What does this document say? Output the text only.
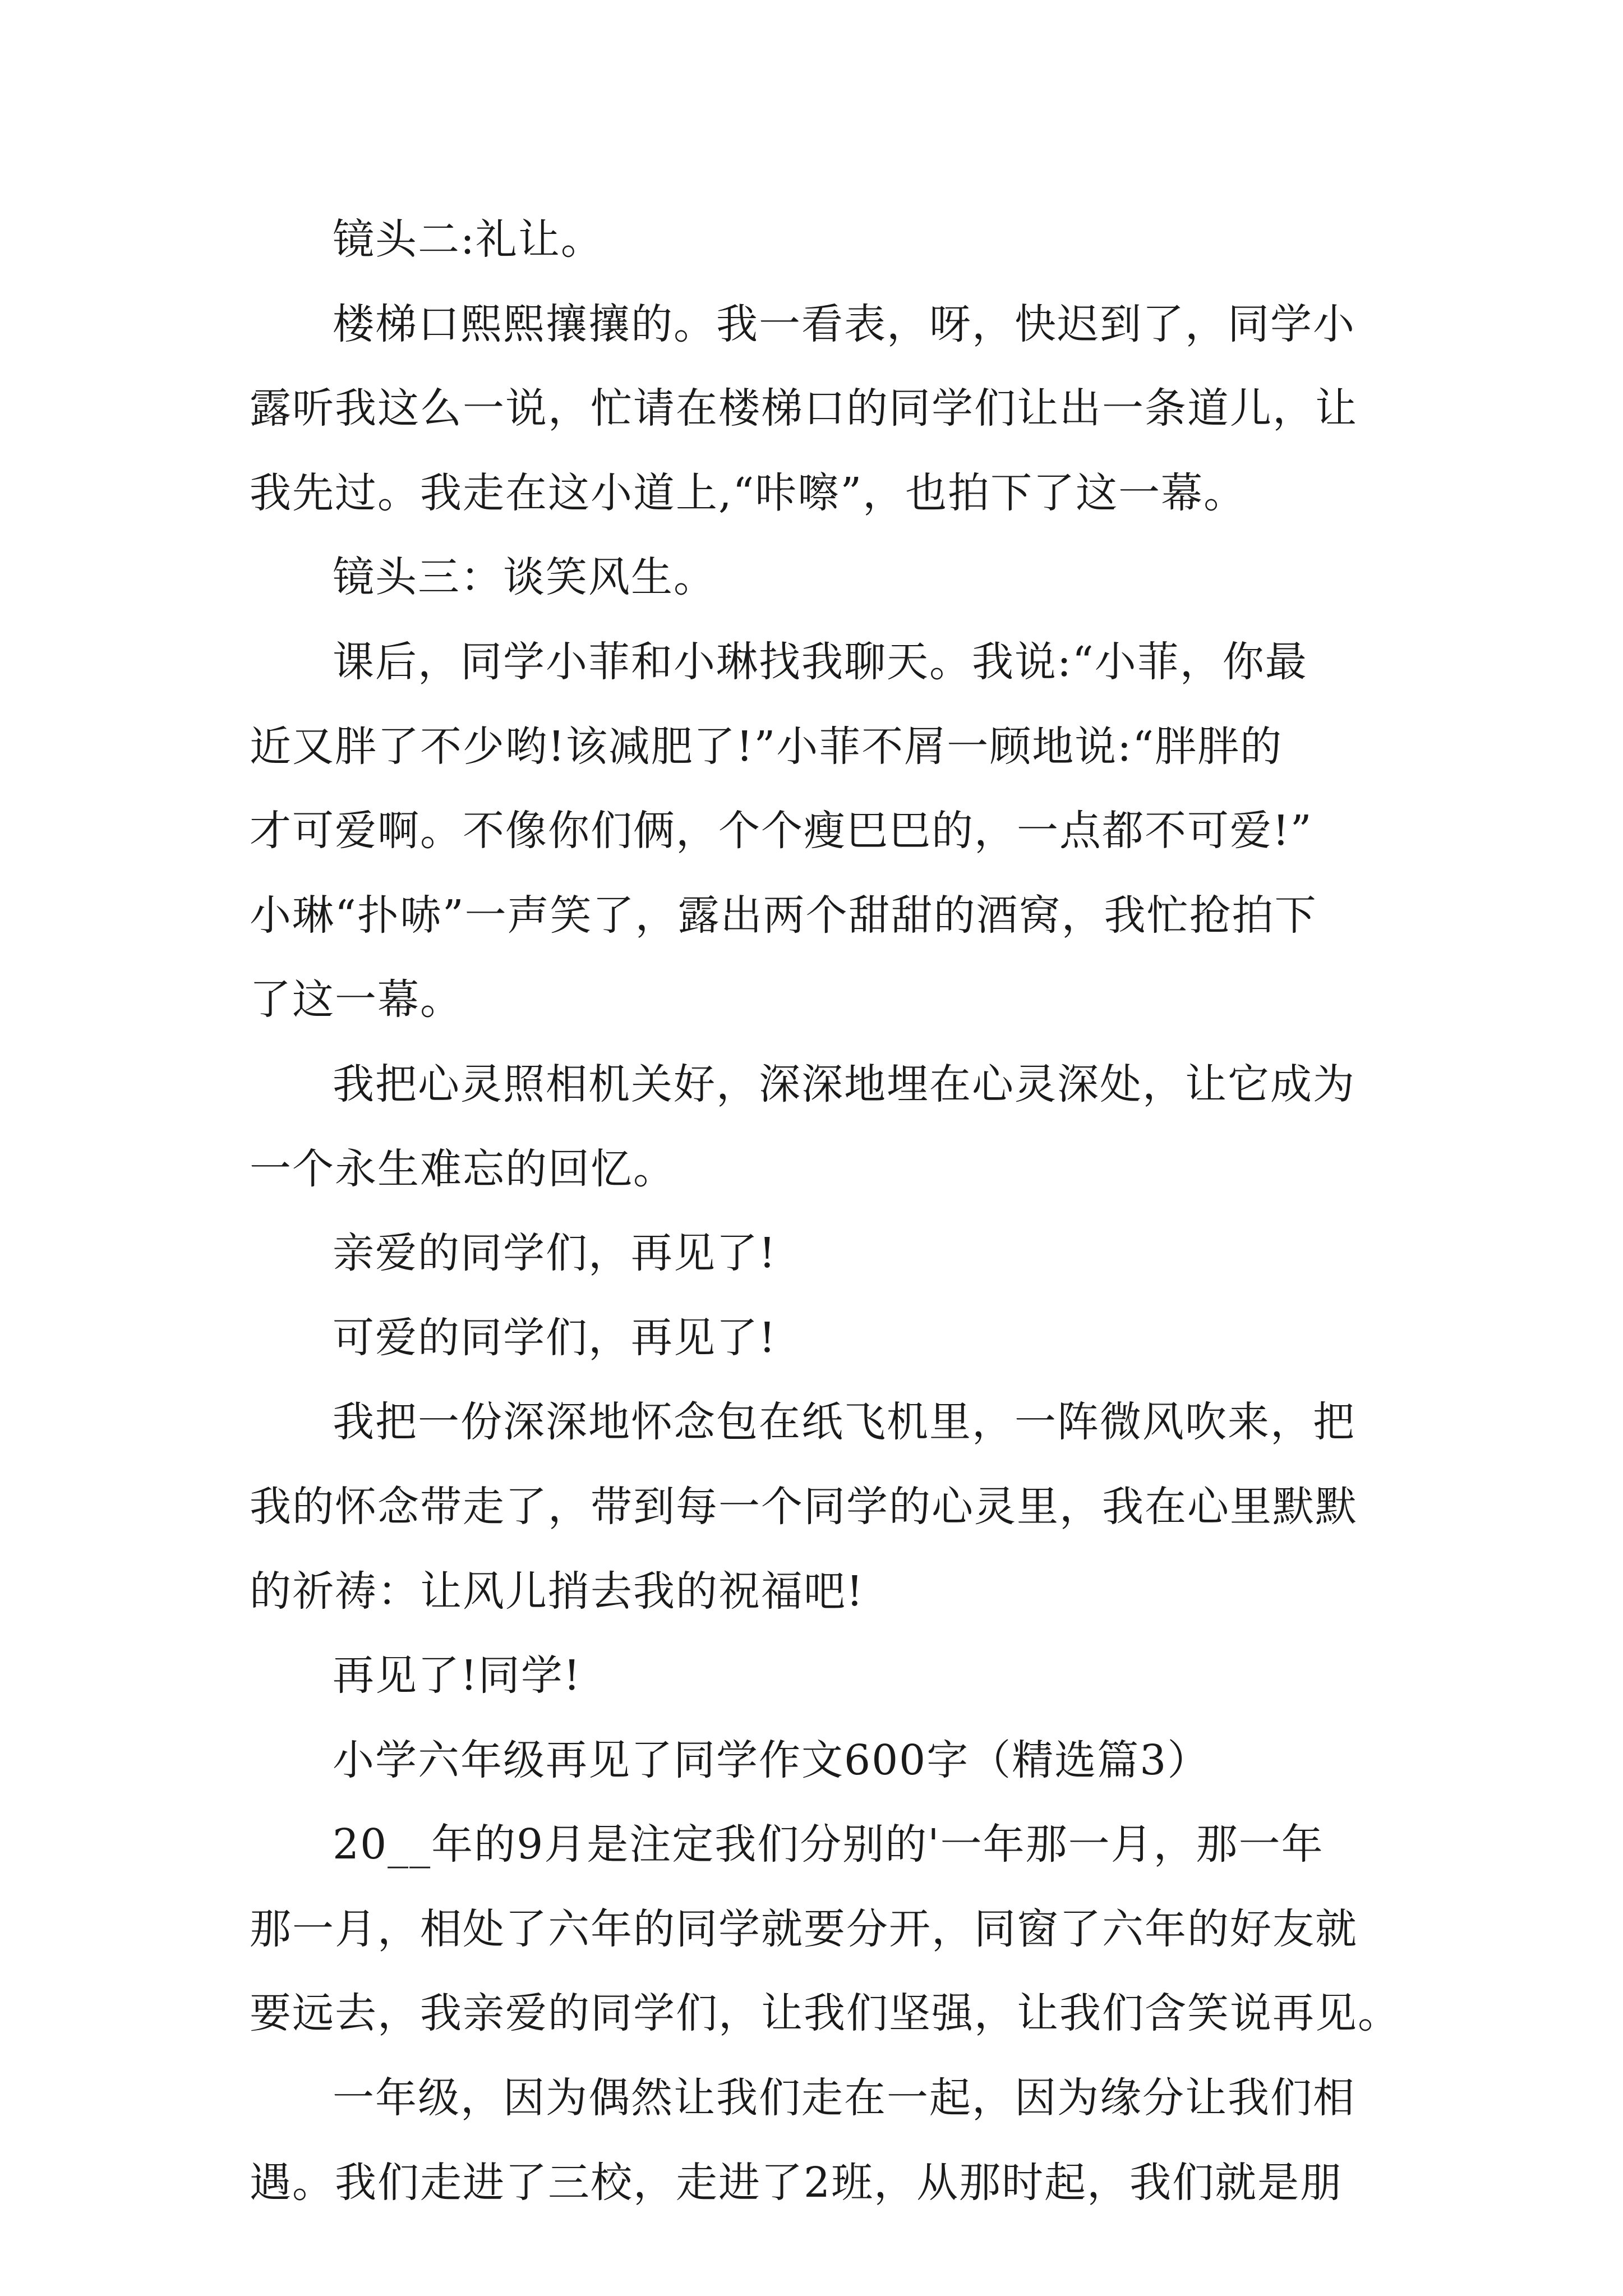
镜头二:礼让。
楼梯口熙熙攘攘的。我一看表，呀，快迟到了，同学小
露听我这么一说，忙请在楼梯口的同学们让出一条道儿，让
我先过。我走在这小道上,“咔嚓”，也拍下了这一幕。
镜头三：谈笑风生。
课后，同学小菲和小琳找我聊天。我说:“小菲，你最
近又胖了不少哟!该减肥了!”小菲不屑一顾地说:“胖胖的
才可爱啊。不像你们俩，个个瘦巴巴的，一点都不可爱!”
小琳“扑哧”一声笑了，露出两个甜甜的酒窝，我忙抢拍下
了这一幕。
我把心灵照相机关好，深深地埋在心灵深处，让它成为
一个永生难忘的回忆。
亲爱的同学们，再见了!
可爱的同学们，再见了!
我把一份深深地怀念包在纸飞机里，一阵微风吹来，把
我的怀念带走了，带到每一个同学的心灵里，我在心里默默
的祈祷：让风儿捎去我的祝福吧!
再见了!同学!
小学六年级再见了同学作文600字（精选篇3）
20__年的9月是注定我们分别的'一年那一月，那一年
那一月，相处了六年的同学就要分开，同窗了六年的好友就
要远去，我亲爱的同学们，让我们坚强，让我们含笑说再见。
一年级，因为偶然让我们走在一起，因为缘分让我们相
遇。我们走进了三校，走进了2班，从那时起，我们就是朋
